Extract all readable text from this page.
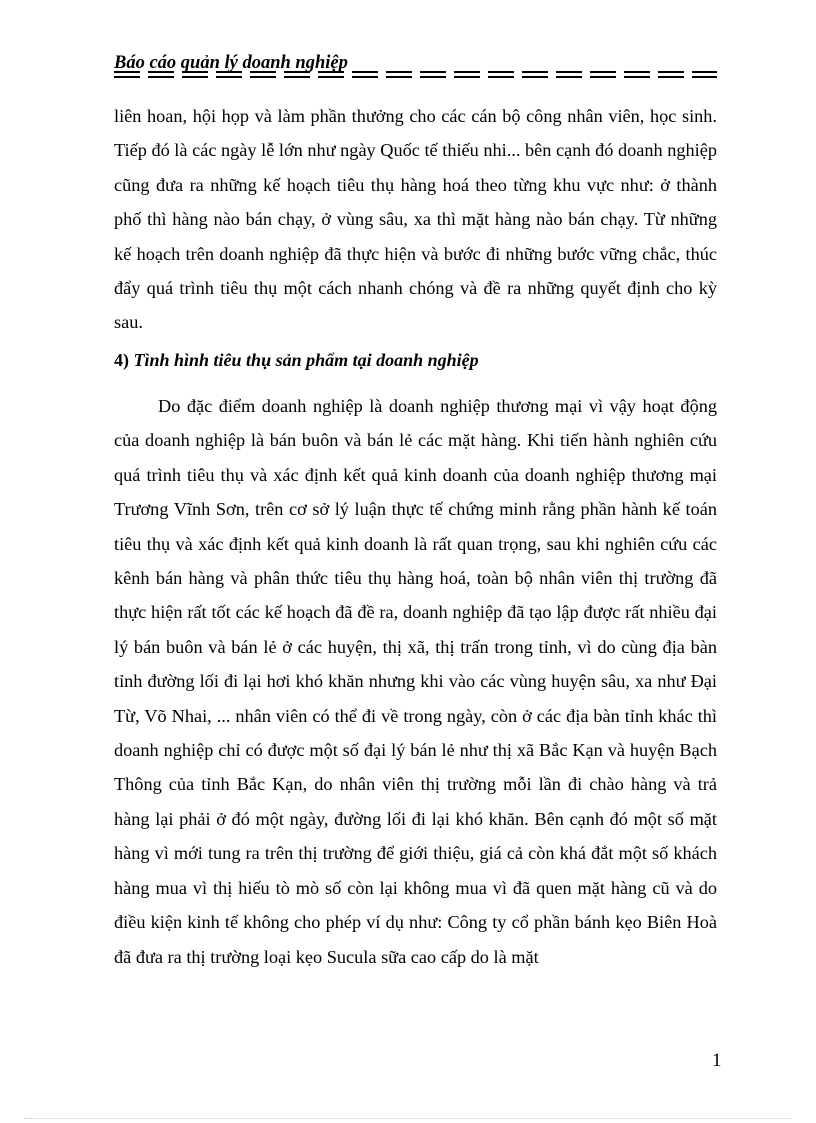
Báo cáo quản lý doanh nghiệp

liên hoan, hội họp và làm phần thưởng cho các cán bộ công nhân viên, học sinh. Tiếp đó là các ngày lễ lớn như ngày Quốc tế thiếu nhi... bên cạnh đó doanh nghiệp cũng đưa ra những kế hoạch tiêu thụ hàng hoá theo từng khu vực như: ở thành phố thì hàng nào bán chạy, ở vùng sâu, xa thì mặt hàng nào bán chạy. Từ những kế hoạch trên doanh nghiệp đã thực hiện và bước đi những bước vững chắc, thúc đẩy quá trình tiêu thụ một cách nhanh chóng và đề ra những quyết định cho kỳ sau.

4) Tình hình tiêu thụ sản phẩm tại doanh nghiệp

Do đặc điểm doanh nghiệp là doanh nghiệp thương mại vì vậy hoạt động của doanh nghiệp là bán buôn và bán lẻ các mặt hàng. Khi tiến hành nghiên cứu quá trình tiêu thụ và xác định kết quả kinh doanh của doanh nghiệp thương mại Trương Vĩnh Sơn, trên cơ sở lý luận thực tế chứng minh rằng phần hành kế toán tiêu thụ và xác định kết quả kinh doanh là rất quan trọng, sau khi nghiên cứu các kênh bán hàng và phân thức tiêu thụ hàng hoá, toàn bộ nhân viên thị trường đã thực hiện rất tốt các kế hoạch đã đề ra, doanh nghiệp đã tạo lập được rất nhiều đại lý bán buôn và bán lẻ ở các huyện, thị xã, thị trấn trong tỉnh, vì do cùng địa bàn tỉnh đường lối đi lại hơi khó khăn nhưng khi vào các vùng huyện sâu, xa như Đại Từ, Võ Nhai, ... nhân viên có thể đi về trong ngày, còn ở các địa bàn tỉnh khác thì doanh nghiệp chỉ có được một số đại lý bán lẻ như thị xã Bắc Kạn và huyện Bạch Thông của tỉnh Bắc Kạn, do nhân viên thị trường mỗi lần đi chào hàng và trả hàng lại phải ở đó một ngày, đường lối đi lại khó khăn. Bên cạnh đó một số mặt hàng vì mới tung ra trên thị trường để giới thiệu, giá cả còn khá đắt một số khách hàng mua vì thị hiếu tò mò số còn lại không mua vì đã quen mặt hàng cũ và do điều kiện kinh tế không cho phép ví dụ như: Công ty cổ phần bánh kẹo Biên Hoà đã đưa ra thị trường loại kẹo Sucula sữa cao cấp do là mặt

1
